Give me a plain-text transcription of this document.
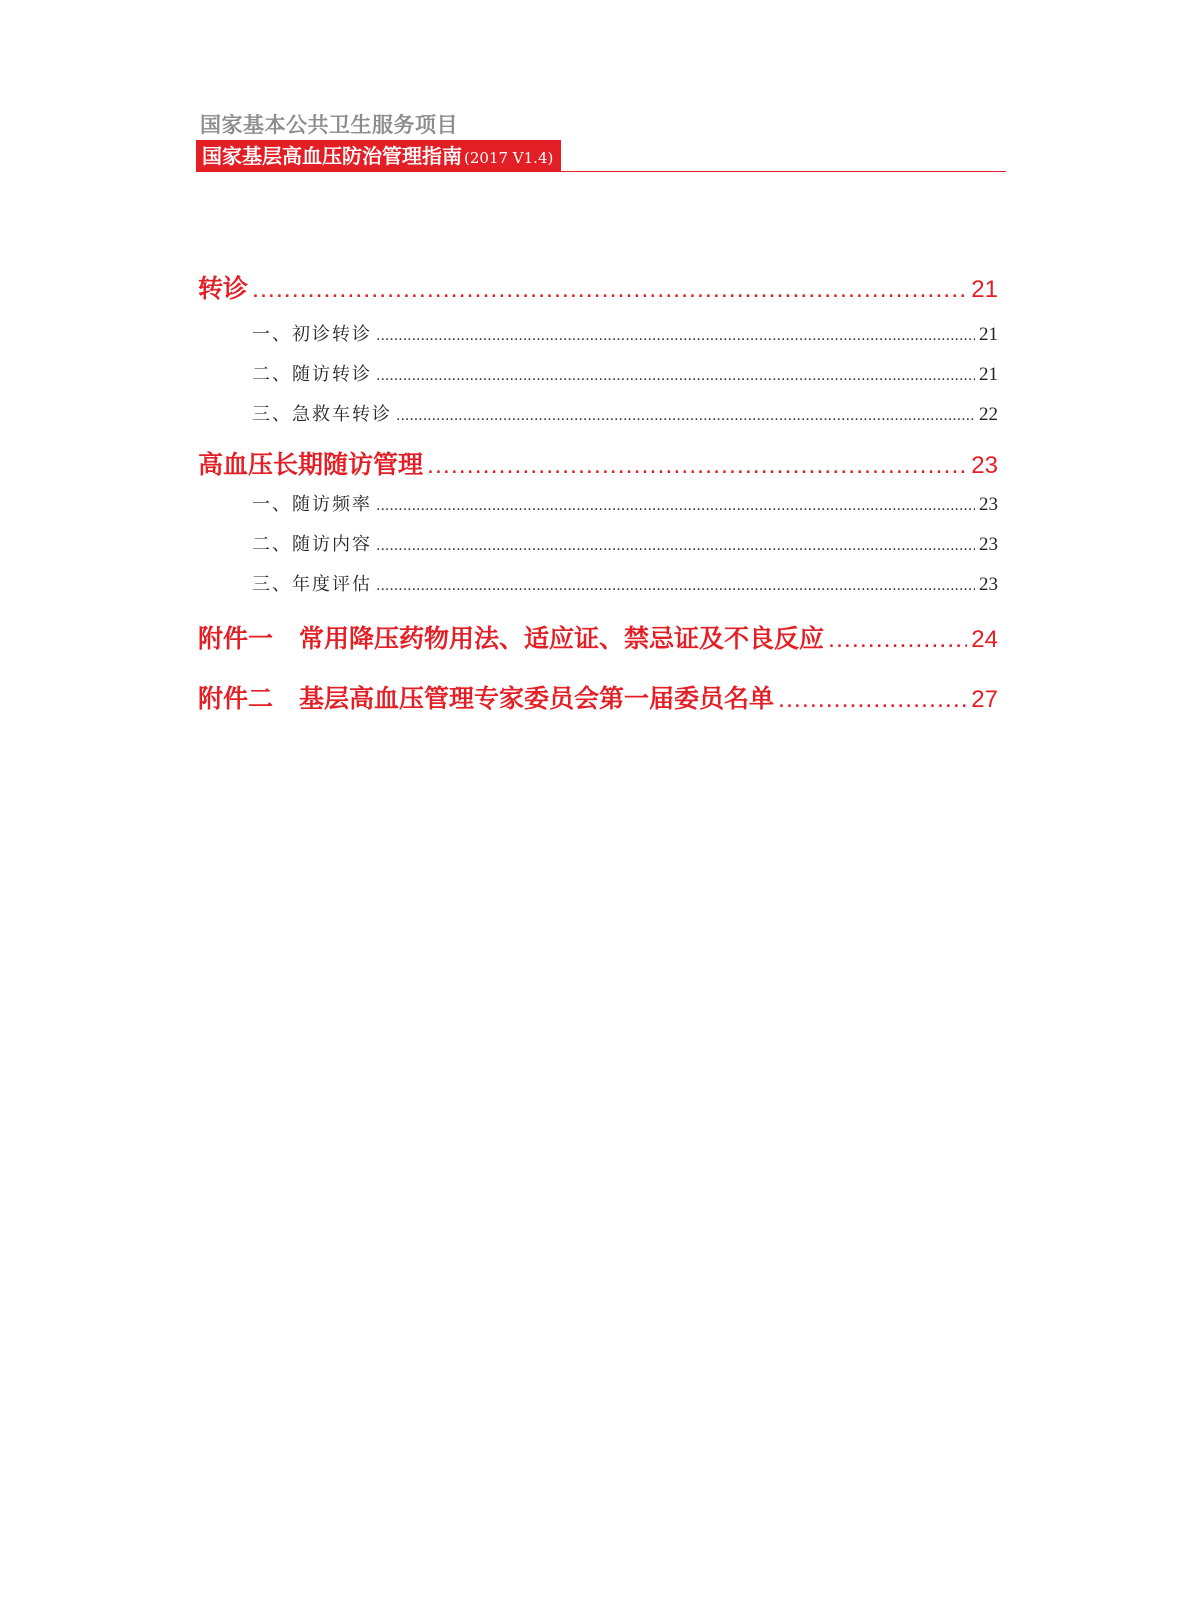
国家基本公共卫生服务项目
国家基层高血压防治管理指南 (2017 V1.4)
转诊 .....	21
一、初诊转诊 .....	21
二、随访转诊 .....	21
三、急救车转诊 .....	22
高血压长期随访管理 .....	23
一、随访频率 .....	23
二、随访内容 .....	23
三、年度评估 .....	23
附件一 常用降压药物用法、适应证、禁忌证及不良反应 .....	24
附件二 基层高血压管理专家委员会第一届委员名单 .....	27
